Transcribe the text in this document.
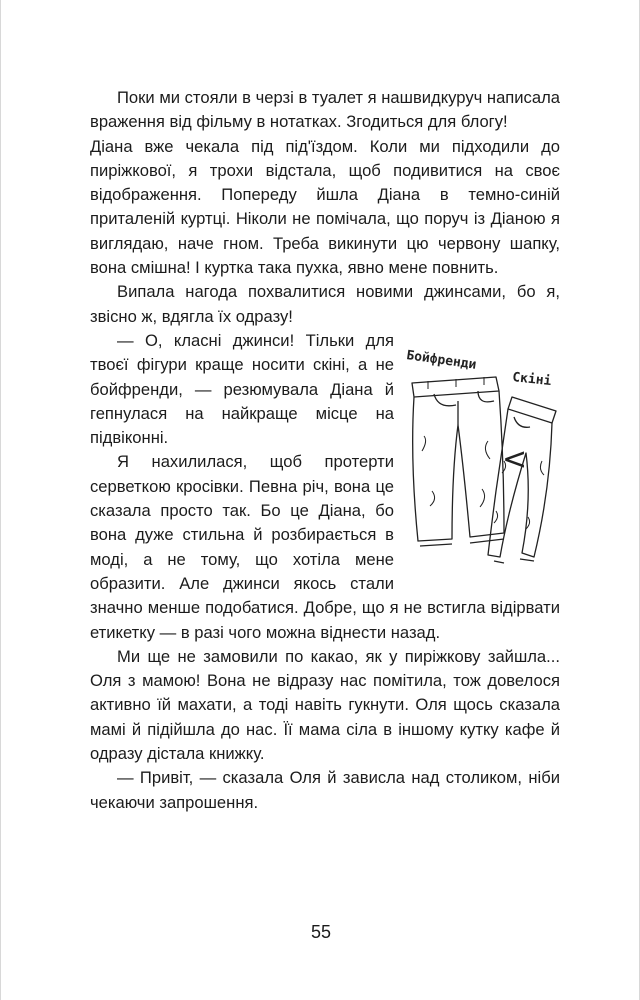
Поки ми стояли в черзі в туалет я нашвидкуруч написала враження від фільму в нотатках. Згодиться для блогу!

Діана вже чекала під під'їздом. Коли ми підходили до пиріжкової, я трохи відстала, щоб подивитися на своє відображення. Попереду йшла Діана в темно-синій приталеній куртці. Ніколи не помічала, що поруч із Діаною я виглядаю, наче гном. Треба викинути цю червону шапку, вона смішна! І куртка така пухка, явно мене повнить.

Випала нагода похвалитися новими джинсами, бо я, звісно ж, вдягла їх одразу!

Бойфренди
Скіні
<

— О, класні джинси! Тільки для твоєї фігури краще носити скіні, а не бойфренди, — резюмувала Діана й гепнулася на найкраще місце на підвіконні.

Я нахилилася, щоб протерти серветкою кросівки. Певна річ, вона це сказала просто так. Бо це Діана, бо вона дуже стильна й розбирається в моді, а не тому, що хотіла мене образити. Але джинси якось стали значно менше подобатися. Добре, що я не встигла відірвати етикетку — в разі чого можна віднести назад.

Ми ще не замовили по какао, як у пиріжкову зайшла... Оля з мамою! Вона не відразу нас помітила, тож довелося активно їй махати, а тоді навіть гукнути. Оля щось сказала мамі й підійшла до нас. Її мама сіла в іншому кутку кафе й одразу дістала книжку.

— Привіт, — сказала Оля й зависла над столиком, ніби чекаючи запрошення.

55
